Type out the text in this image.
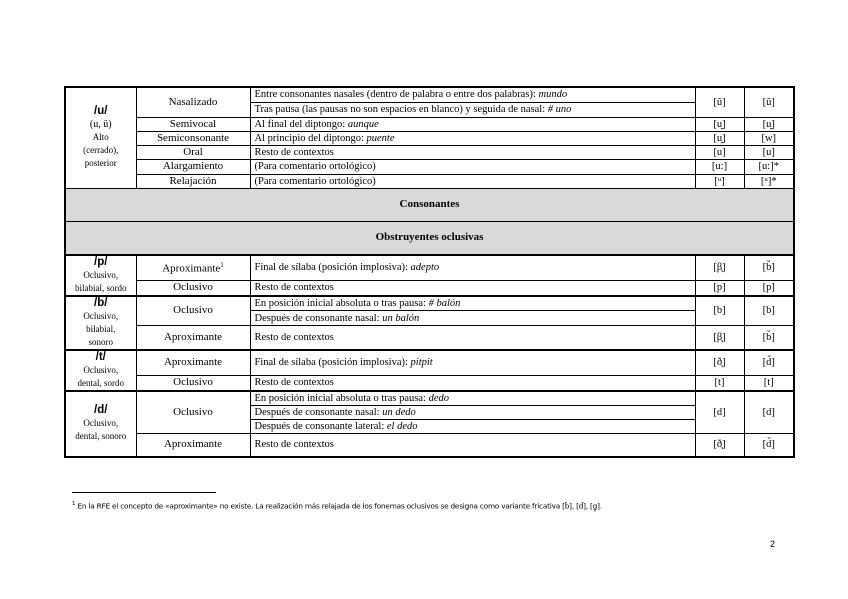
/u/
(u, ü)
Alto
(cerrado),
posterior	Nasalizado	Entre consonantes nasales (dentro de palabra o entre dos palabras): mundo	[ũ]	[ũ]
		Tras pausa (las pausas no son espacios en blanco) y seguida de nasal: # uno		
	Semivocal	Al final del diptongo: aunque	[u̯]	[u̯]
	Semiconsonante	Al principio del diptongo: puente	[u̯]	[w]
	Oral	Resto de contextos	[u]	[u]
	Alargamiento	(Para comentario ortológico)	[u:]	[u:]*
	Relajación	(Para comentario ortológico)	[ᵘ]	[ᵘ]*
Consonantes				
Obstruyentes oclusivas				
/p/
Oclusivo,
bilabial, sordo	Aproximante$^1$	Final de sílaba (posición implosiva): adepto	[β̞]	[b̆]
	Oclusivo	Resto de contextos	[p]	[p]
/b/
Oclusivo,
bilabial,
sonoro	Oclusivo	En posición inicial absoluta o tras pausa: # balón	[b]	[b]
		Después de consonante nasal: un balón		
	Aproximante	Resto de contextos	[β̞]	[b̆]
/t/
Oclusivo,
dental, sordo	Aproximante	Final de sílaba (posición implosiva): pitpit	[ð̞]	[d̆]
	Oclusivo	Resto de contextos	[t]	[t]
/d/
Oclusivo,
dental, sonoro	Oclusivo	En posición inicial absoluta o tras pausa: dedo	[d]	[d]
		Después de consonante nasal: un dedo		
		Después de consonante lateral: el dedo		
	Aproximante	Resto de contextos	[ð̞]	[d̆]
$^1$ En la RFE el concepto de «aproximante» no existe. La realización más relajada de los fonemas oclusivos se designa como variante fricativa [b̆], [d̆], [g̞].
2
